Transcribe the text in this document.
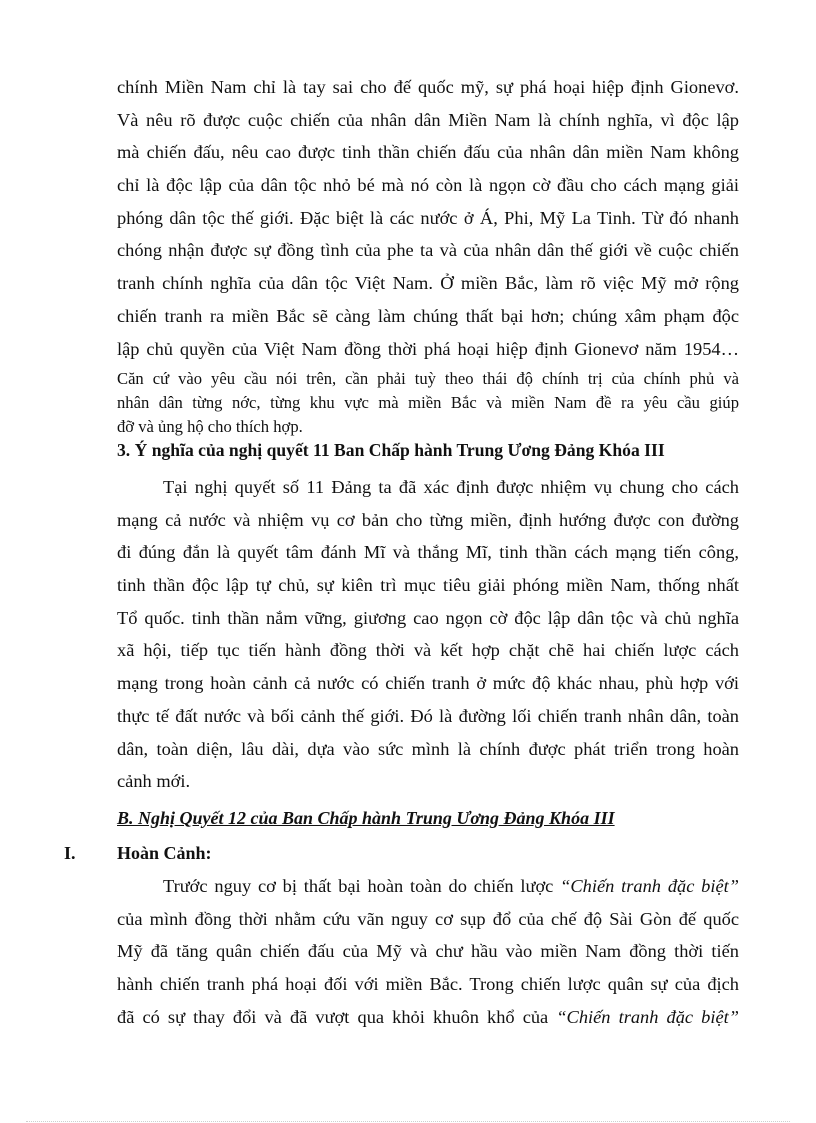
chính Miền Nam chỉ là tay sai cho đế quốc mỹ, sự phá hoại hiệp định Gionevơ.
Và nêu rõ được cuộc chiến của nhân dân Miền Nam là chính nghĩa, vì độc lập
mà chiến đấu, nêu cao được tinh thần chiến đấu của nhân dân miền Nam không
chỉ là độc lập của dân tộc nhỏ bé mà nó còn là ngọn cờ đầu cho cách mạng giải
phóng dân tộc thế giới. Đặc biệt là các nước ở Á, Phi, Mỹ La Tinh. Từ đó nhanh
chóng nhận được sự đồng tình của phe ta và của nhân dân thế giới về cuộc chiến
tranh chính nghĩa của dân tộc Việt Nam. Ở miền Bắc, làm rõ việc Mỹ mở rộng
chiến tranh ra miền Bắc sẽ càng làm chúng thất bại hơn; chúng xâm phạm độc
lập chủ quyền của Việt Nam đồng thời phá hoại hiệp định Gionevơ năm 1954…
Căn cứ vào yêu cầu nói trên, cần phải tuỳ theo thái độ chính trị của chính phủ và
nhân dân từng nớc, từng khu vực mà miền Bắc và miền Nam đề ra yêu cầu giúp
đỡ và ủng hộ cho thích hợp.
3. Ý nghĩa của nghị quyết 11 Ban Chấp hành Trung Ương Đảng Khóa III
Tại nghị quyết số 11 Đảng ta đã xác định được nhiệm vụ chung cho cách
mạng cả nước và nhiệm vụ cơ bản cho từng miền, định hướng được con đường
đi đúng đắn là quyết tâm đánh Mĩ và thắng Mĩ, tinh thần cách mạng tiến công,
tinh thần độc lập tự chủ, sự kiên trì mục tiêu giải phóng miền Nam, thống nhất
Tổ quốc. tinh thần nắm vững, giương cao ngọn cờ độc lập dân tộc và chủ nghĩa
xã hội, tiếp tục tiến hành đồng thời và kết hợp chặt chẽ hai chiến lược cách
mạng trong hoàn cảnh cả nước có chiến tranh ở mức độ khác nhau, phù hợp với
thực tế đất nước và bối cảnh thế giới. Đó là đường lối chiến tranh nhân dân, toàn
dân, toàn diện, lâu dài, dựa vào sức mình là chính được phát triển trong hoàn
cảnh mới.
B. Nghị Quyết 12 của Ban Chấp hành Trung Ương Đảng Khóa III
I. Hoàn Cảnh:
Trước nguy cơ bị thất bại hoàn toàn do chiến lược “Chiến tranh đặc biệt”
của mình đồng thời nhằm cứu vãn nguy cơ sụp đổ của chế độ Sài Gòn đế quốc
Mỹ đã tăng quân chiến đấu của Mỹ và chư hầu vào miền Nam đồng thời tiến
hành chiến tranh phá hoại đối với miền Bắc. Trong chiến lược quân sự của địch
đã có sự thay đổi và đã vượt qua khỏi khuôn khổ của “Chiến tranh đặc biệt”
